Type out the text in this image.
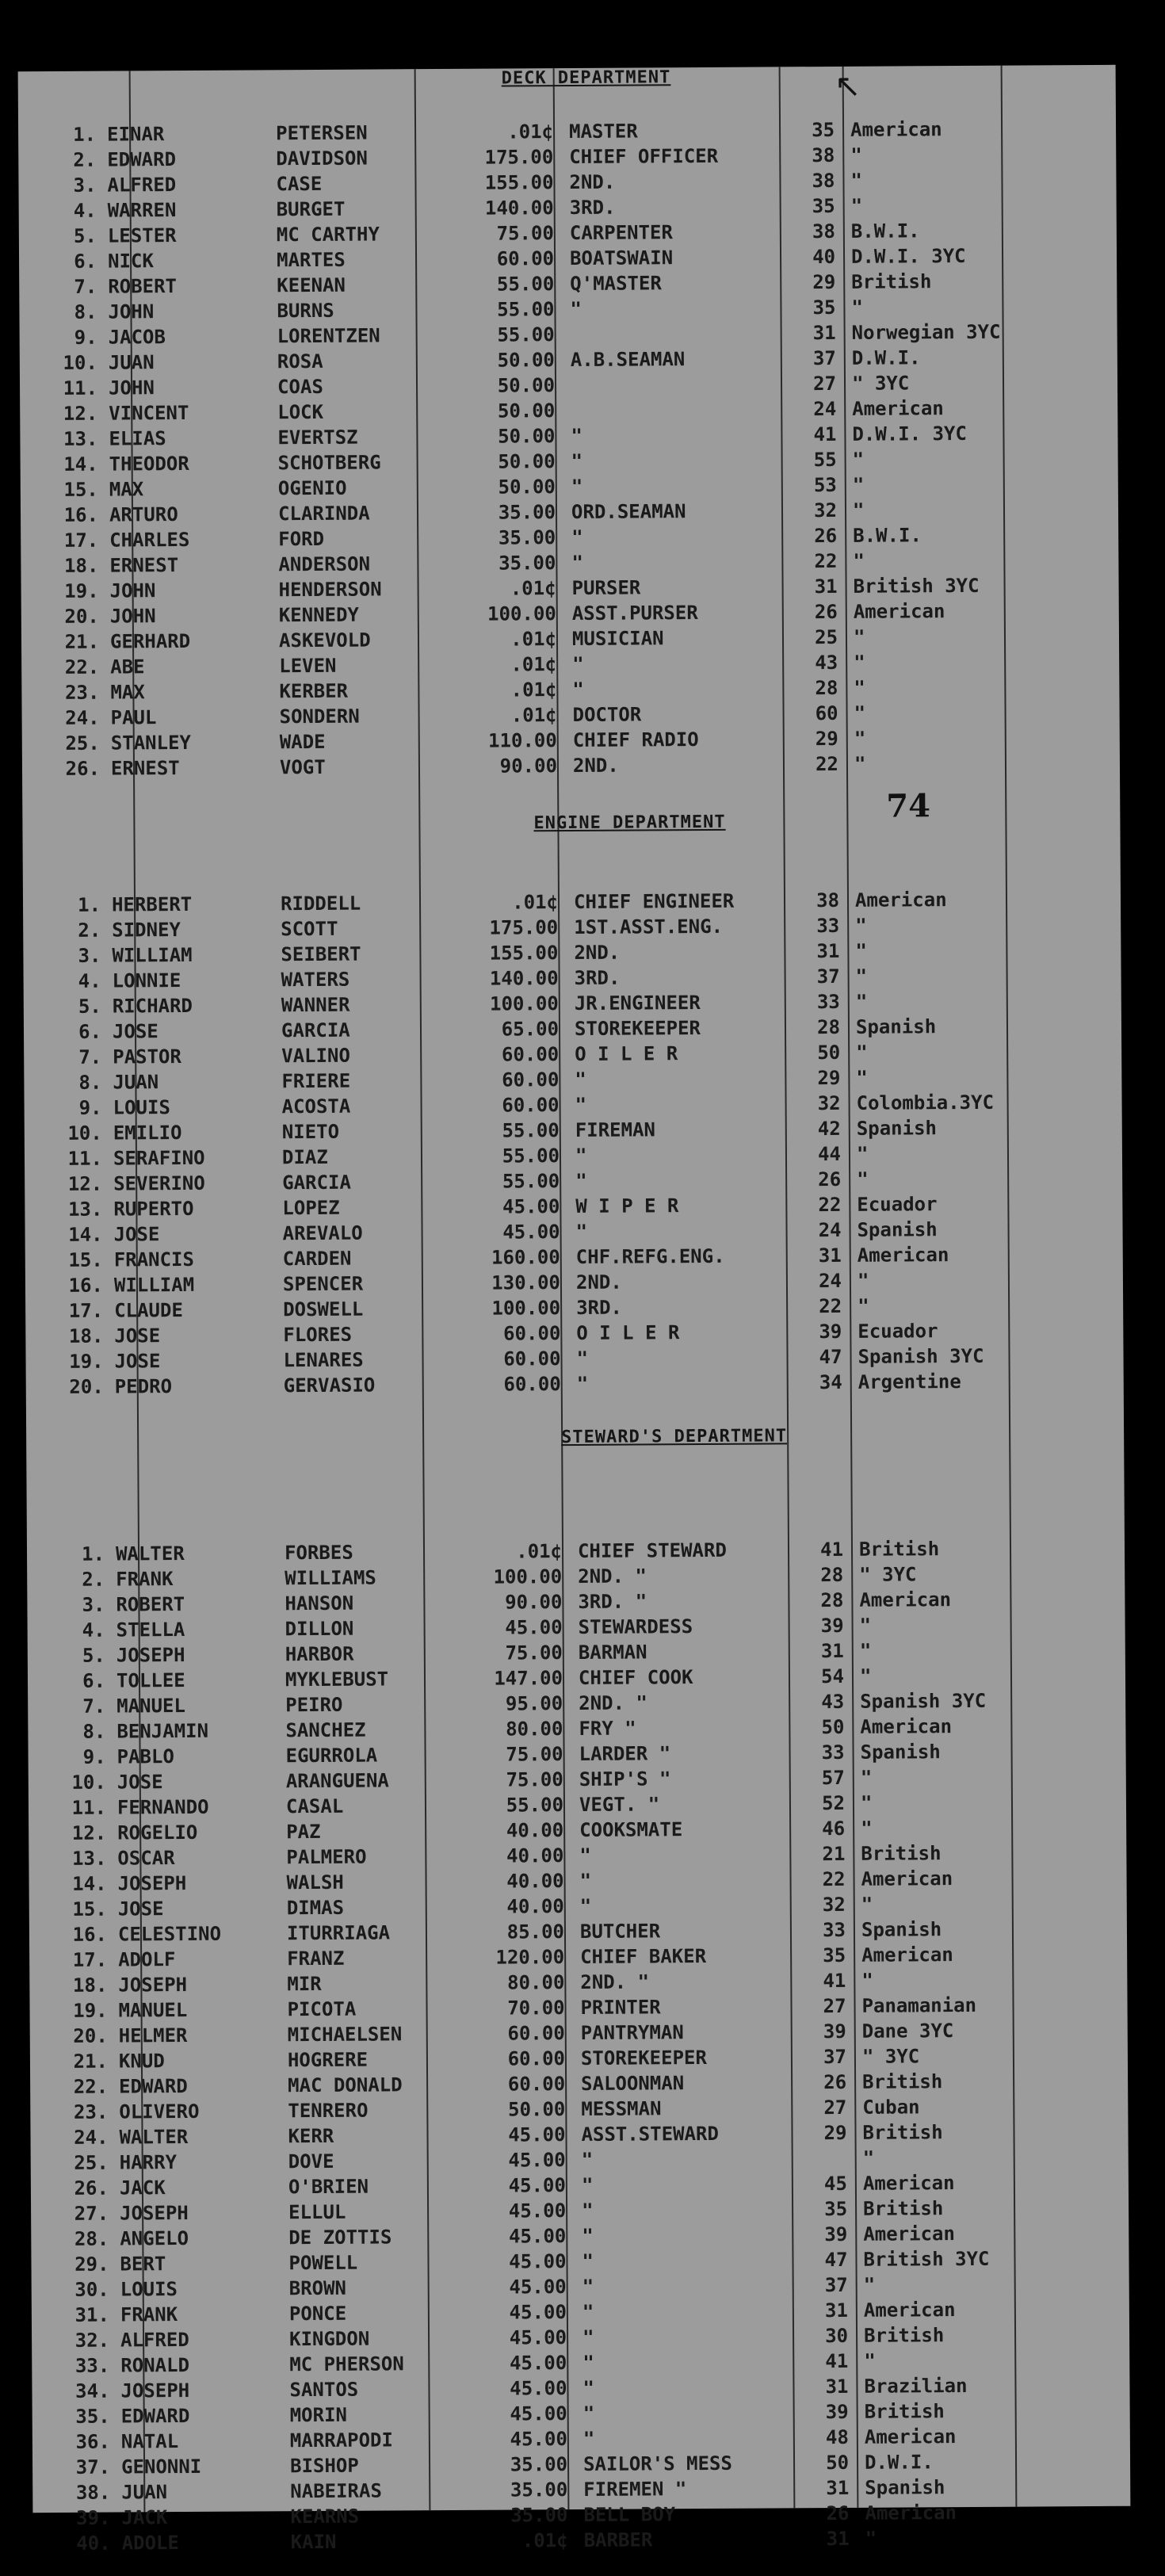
↖
74
DECK DEPARTMENT
1. EINAR	PETERSEN	.01¢ MASTER	35 American
2. EDWARD	DAVIDSON	175.00 CHIEF OFFICER	38 "
3. ALFRED	CASE	155.00 2ND.	38 "
4. WARREN	BURGET	140.00 3RD.	35 "
5. LESTER	MC CARTHY	75.00 CARPENTER	38 B.W.I.
6. NICK	MARTES	60.00 BOATSWAIN	40 D.W.I. 3YC
7. ROBERT	KEENAN	55.00 Q'MASTER	29 British
8. JOHN	BURNS	55.00 "	35 "
9. JACOB	LORENTZEN	55.00	31 Norwegian 3YC
10. JUAN	ROSA	50.00 A.B.SEAMAN	37 D.W.I.
11. JOHN	COAS	50.00	27 " 3YC
12. VINCENT	LOCK	50.00	24 American
13. ELIAS	EVERTSZ	50.00 "	41 D.W.I. 3YC
14. THEODOR	SCHOTBERG	50.00 "	55 "
15. MAX	OGENIO	50.00 "	53 "
16. ARTURO	CLARINDA	35.00 ORD.SEAMAN	32 "
17. CHARLES	FORD	35.00 "	26 B.W.I.
18. ERNEST	ANDERSON	35.00 "	22 "
19. JOHN	HENDERSON	.01¢ PURSER	31 British 3YC
20. JOHN	KENNEDY	100.00 ASST.PURSER	26 American
21. GERHARD	ASKEVOLD	.01¢ MUSICIAN	25 "
22. ABE	LEVEN	.01¢ "	43 "
23. MAX	KERBER	.01¢ "	28 "
24. PAUL	SONDERN	.01¢ DOCTOR	60 "
25. STANLEY	WADE	110.00 CHIEF RADIO	29 "
26. ERNEST	VOGT	90.00 2ND.	22 "
ENGINE DEPARTMENT
1. HERBERT	RIDDELL	.01¢ CHIEF ENGINEER	38 American
2. SIDNEY	SCOTT	175.00 1ST.ASST.ENG.	33 "
3. WILLIAM	SEIBERT	155.00 2ND.	31 "
4. LONNIE	WATERS	140.00 3RD.	37 "
5. RICHARD	WANNER	100.00 JR.ENGINEER	33 "
6. JOSE	GARCIA	65.00 STOREKEEPER	28 Spanish
7. PASTOR	VALINO	60.00 O I L E R	50 "
8. JUAN	FRIERE	60.00 "	29 "
9. LOUIS	ACOSTA	60.00 "	32 Colombia.3YC
10. EMILIO	NIETO	55.00 FIREMAN	42 Spanish
11. SERAFINO	DIAZ	55.00 "	44 "
12. SEVERINO	GARCIA	55.00 "	26 "
13. RUPERTO	LOPEZ	45.00 W I P E R	22 Ecuador
14. JOSE	AREVALO	45.00 "	24 Spanish
15. FRANCIS	CARDEN	160.00 CHF.REFG.ENG.	31 American
16. WILLIAM	SPENCER	130.00 2ND.	24 "
17. CLAUDE	DOSWELL	100.00 3RD.	22 "
18. JOSE	FLORES	60.00 O I L E R	39 Ecuador
19. JOSE	LENARES	60.00 "	47 Spanish 3YC
20. PEDRO	GERVASIO	60.00 "	34 Argentine
STEWARD'S DEPARTMENT
1. WALTER	FORBES	.01¢ CHIEF STEWARD	41 British
2. FRANK	WILLIAMS	100.00 2ND. "	28 " 3YC
3. ROBERT	HANSON	90.00 3RD. "	28 American
4. STELLA	DILLON	45.00 STEWARDESS	39 "
5. JOSEPH	HARBOR	75.00 BARMAN	31 "
6. TOLLEE	MYKLEBUST	147.00 CHIEF COOK	54 "
7. MANUEL	PEIRO	95.00 2ND. "	43 Spanish 3YC
8. BENJAMIN	SANCHEZ	80.00 FRY "	50 American
9. PABLO	EGURROLA	75.00 LARDER "	33 Spanish
10. JOSE	ARANGUENA	75.00 SHIP'S "	57 "
11. FERNANDO	CASAL	55.00 VEGT. "	52 "
12. ROGELIO	PAZ	40.00 COOKSMATE	46 "
13. OSCAR	PALMERO	40.00 "	21 British
14. JOSEPH	WALSH	40.00 "	22 American
15. JOSE	DIMAS	40.00 "	32 "
16. CELESTINO	ITURRIAGA	85.00 BUTCHER	33 Spanish
17. ADOLF	FRANZ	120.00 CHIEF BAKER	35 American
18. JOSEPH	MIR	80.00 2ND. "	41 "
19. MANUEL	PICOTA	70.00 PRINTER	27 Panamanian
20. HELMER	MICHAELSEN	60.00 PANTRYMAN	39 Dane 3YC
21. KNUD	HOGRERE	60.00 STOREKEEPER	37 " 3YC
22. EDWARD	MAC DONALD	60.00 SALOONMAN	26 British
23. OLIVERO	TENRERO	50.00 MESSMAN	27 Cuban
24. WALTER	KERR	45.00 ASST.STEWARD	29 British
25. HARRY	DOVE	45.00 "	"
26. JACK	O'BRIEN	45.00 "	45 American
27. JOSEPH	ELLUL	45.00 "	35 British
28. ANGELO	DE ZOTTIS	45.00 "	39 American
29. BERT	POWELL	45.00 "	47 British 3YC
30. LOUIS	BROWN	45.00 "	37 "
31. FRANK	PONCE	45.00 "	31 American
32. ALFRED	KINGDON	45.00 "	30 British
33. RONALD	MC PHERSON	45.00 "	41 "
34. JOSEPH	SANTOS	45.00 "	31 Brazilian
35. EDWARD	MORIN	45.00 "	39 British
36. NATAL	MARRAPODI	45.00 "	48 American
37. GENONNI	BISHOP	35.00 SAILOR'S MESS	50 D.W.I.
38. JUAN	NABEIRAS	35.00 FIREMEN "	31 Spanish
39. JACK	KEARNS	35.00 BELL BOY	26 American
40. ADOLE	KAIN	.01¢ BARBER	31 "
